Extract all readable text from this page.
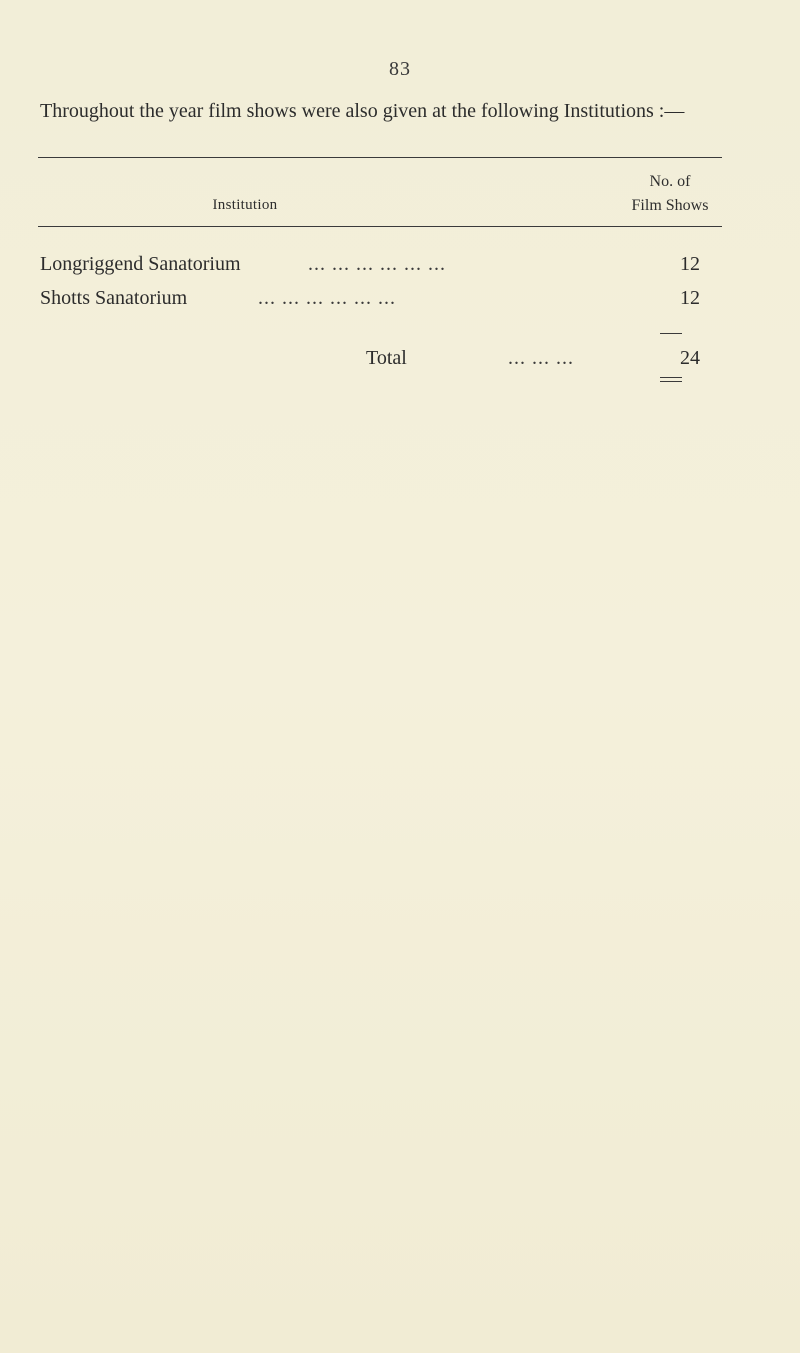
83
Throughout the year film shows were also given at the following Institutions :—
Institution
No. of
Film Shows
Longriggend Sanatorium	... ... ... ... ... ...	12
Shotts Sanatorium	... ... ... ... ... ...	12
Total	... ... ...	24
